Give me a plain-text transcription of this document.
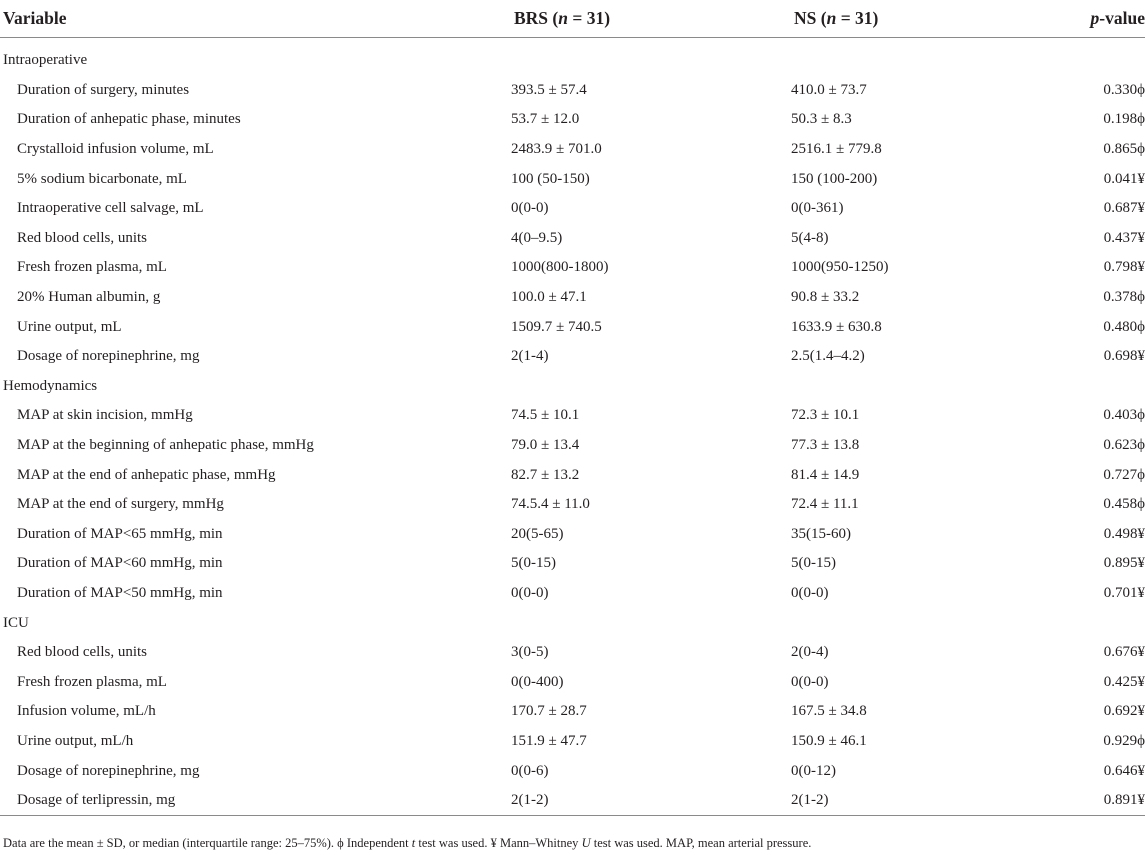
Variable	BRS (n = 31)	NS (n = 31)	p-value
Intraoperative			
Duration of surgery, minutes	393.5 ± 57.4	410.0 ± 73.7	0.330ϕ
Duration of anhepatic phase, minutes	53.7 ± 12.0	50.3 ± 8.3	0.198ϕ
Crystalloid infusion volume, mL	2483.9 ± 701.0	2516.1 ± 779.8	0.865ϕ
5% sodium bicarbonate, mL	100 (50-150)	150 (100-200)	0.041¥
Intraoperative cell salvage, mL	0(0-0)	0(0-361)	0.687¥
Red blood cells, units	4(0–9.5)	5(4-8)	0.437¥
Fresh frozen plasma, mL	1000(800-1800)	1000(950-1250)	0.798¥
20% Human albumin, g	100.0 ± 47.1	90.8 ± 33.2	0.378ϕ
Urine output, mL	1509.7 ± 740.5	1633.9 ± 630.8	0.480ϕ
Dosage of norepinephrine, mg	2(1-4)	2.5(1.4–4.2)	0.698¥
Hemodynamics			
MAP at skin incision, mmHg	74.5 ± 10.1	72.3 ± 10.1	0.403ϕ
MAP at the beginning of anhepatic phase, mmHg	79.0 ± 13.4	77.3 ± 13.8	0.623ϕ
MAP at the end of anhepatic phase, mmHg	82.7 ± 13.2	81.4 ± 14.9	0.727ϕ
MAP at the end of surgery, mmHg	74.5.4 ± 11.0	72.4 ± 11.1	0.458ϕ
Duration of MAP<65 mmHg, min	20(5-65)	35(15-60)	0.498¥
Duration of MAP<60 mmHg, min	5(0-15)	5(0-15)	0.895¥
Duration of MAP<50 mmHg, min	0(0-0)	0(0-0)	0.701¥
ICU			
Red blood cells, units	3(0-5)	2(0-4)	0.676¥
Fresh frozen plasma, mL	0(0-400)	0(0-0)	0.425¥
Infusion volume, mL/h	170.7 ± 28.7	167.5 ± 34.8	0.692¥
Urine output, mL/h	151.9 ± 47.7	150.9 ± 46.1	0.929ϕ
Dosage of norepinephrine, mg	0(0-6)	0(0-12)	0.646¥
Dosage of terlipressin, mg	2(1-2)	2(1-2)	0.891¥
Data are the mean ± SD, or median (interquartile range: 25–75%). ϕ Independent t test was used. ¥ Mann–Whitney U test was used. MAP, mean arterial pressure.
